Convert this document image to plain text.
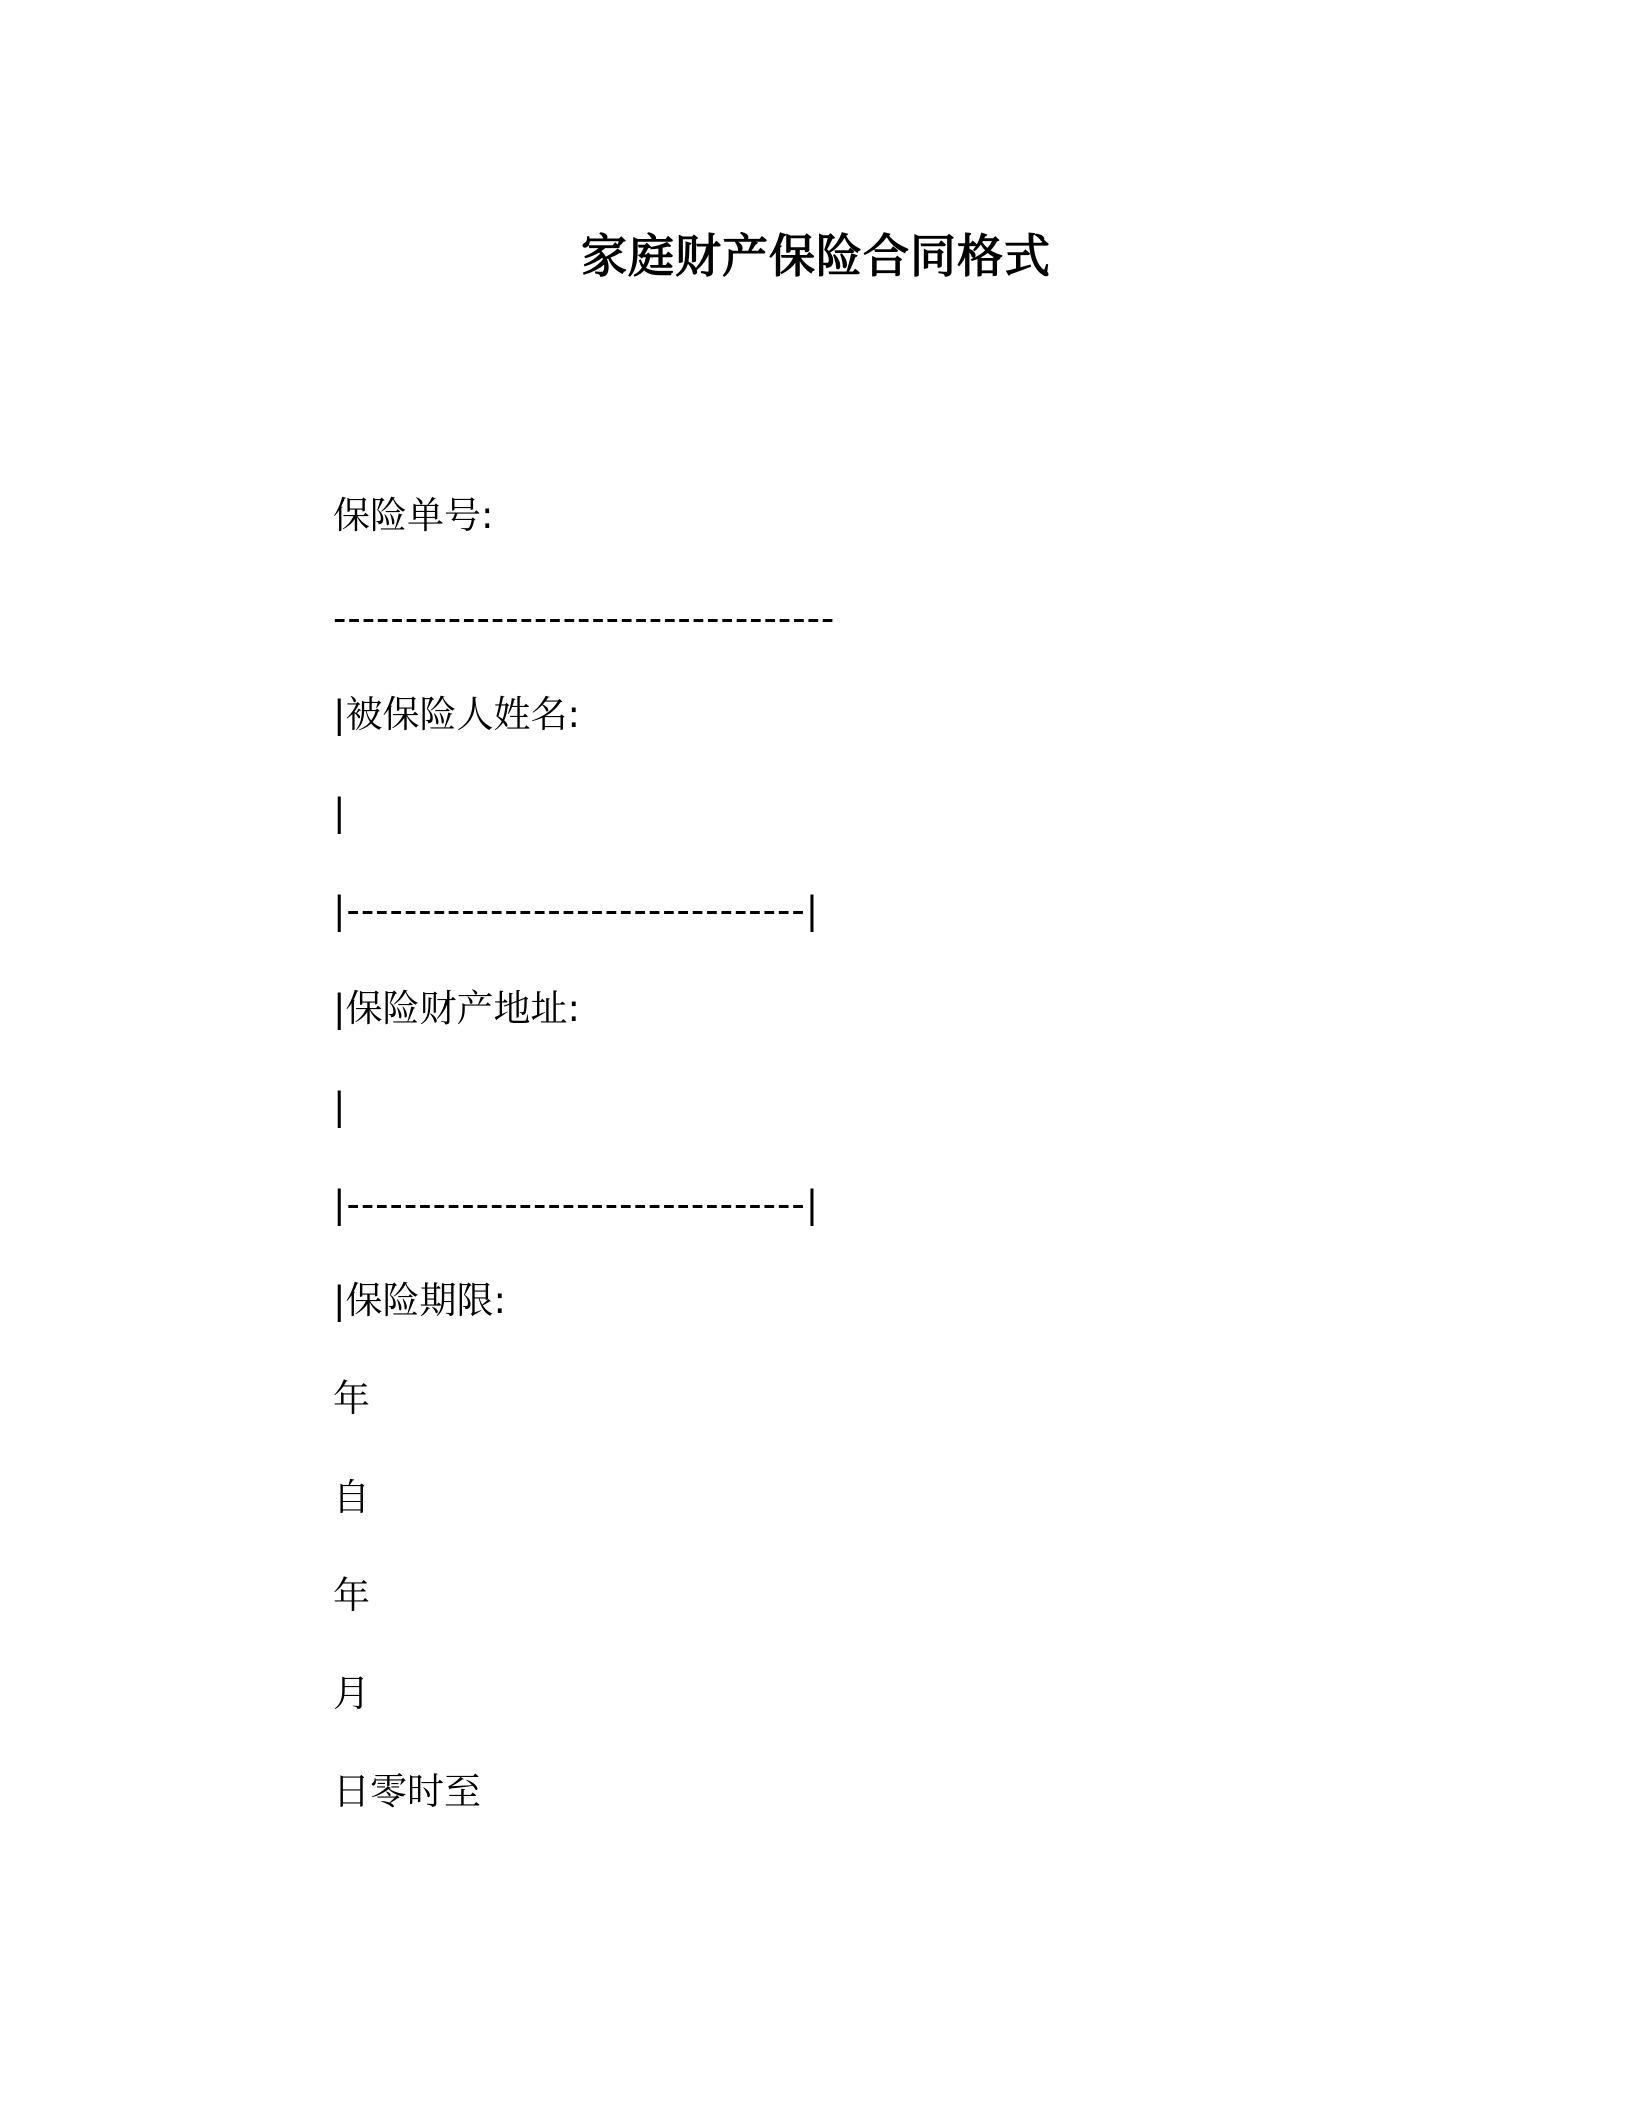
家庭财产保险合同格式
保险单号:
-----------------------------------
|被保险人姓名:
|
|--------------------------------|
|保险财产地址:
|
|--------------------------------|
|保险期限:
年
自
年
月
日零时至
